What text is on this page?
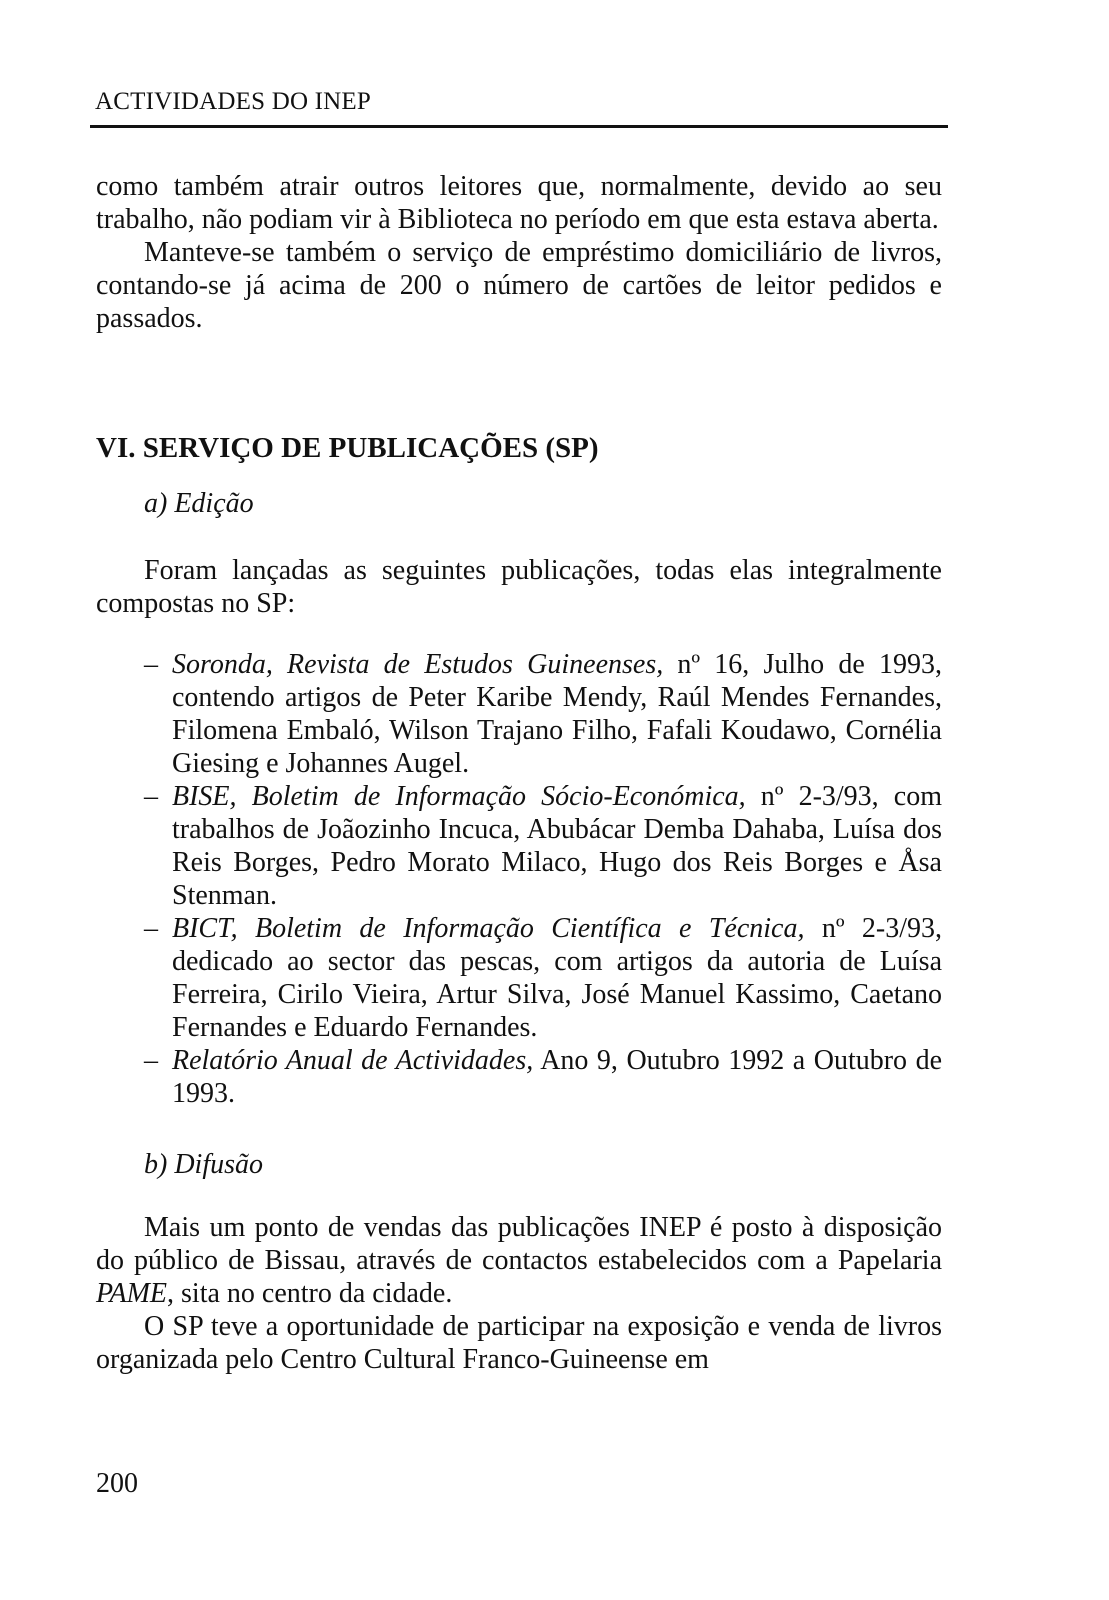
ACTIVIDADES DO INEP

como também atrair outros leitores que, normalmente, devido ao seu trabalho, não podiam vir à Biblioteca no período em que esta estava aberta.

Manteve-se também o serviço de empréstimo domiciliário de livros, contando-se já acima de 200 o número de cartões de leitor pedidos e passados.

VI. SERVIÇO DE PUBLICAÇÕES (SP)
a) Edição

Foram lançadas as seguintes publicações, todas elas integralmente compostas no SP:

– Soronda, Revista de Estudos Guineenses, nº 16, Julho de 1993, contendo artigos de Peter Karibe Mendy, Raúl Mendes Fernandes, Filomena Embaló, Wilson Trajano Filho, Fafali Koudawo, Cornélia Giesing e Johannes Augel.
– BISE, Boletim de Informação Sócio-Económica, nº 2-3/93, com trabalhos de Joãozinho Incuca, Abubácar Demba Dahaba, Luísa dos Reis Borges, Pedro Morato Milaco, Hugo dos Reis Borges e Åsa Stenman.
– BICT, Boletim de Informação Científica e Técnica, nº 2-3/93, dedicado ao sector das pescas, com artigos da autoria de Luísa Ferreira, Cirilo Vieira, Artur Silva, José Manuel Kassimo, Caetano Fernandes e Eduardo Fernandes.
– Relatório Anual de Actividades, Ano 9, Outubro 1992 a Outubro de 1993.
b) Difusão

Mais um ponto de vendas das publicações INEP é posto à disposição do público de Bissau, através de contactos estabelecidos com a Papelaria PAME, sita no centro da cidade.

O SP teve a oportunidade de participar na exposição e venda de livros organizada pelo Centro Cultural Franco-Guineense em

200
